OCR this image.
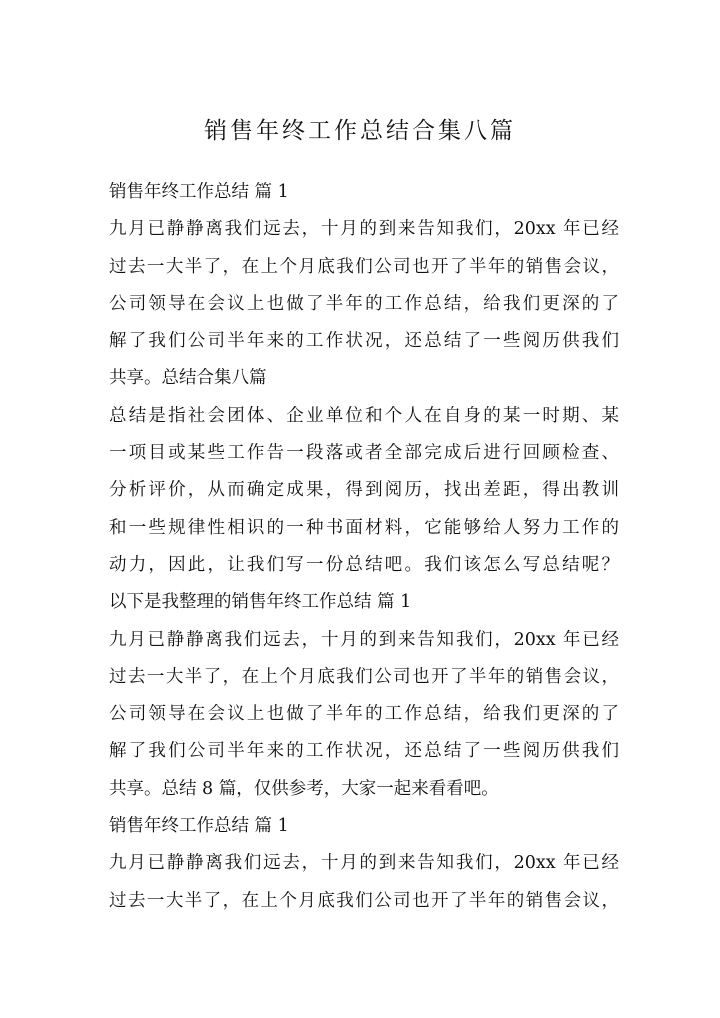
销售年终工作总结合集八篇
销售年终工作总结 篇 1
九月已静静离我们远去，十月的到来告知我们，20xx 年已经
过去一大半了，在上个月底我们公司也开了半年的销售会议，
公司领导在会议上也做了半年的工作总结，给我们更深的了
解了我们公司半年来的工作状况，还总结了一些阅历供我们
共享。总结合集八篇
总结是指社会团体、企业单位和个人在自身的某一时期、某
一项目或某些工作告一段落或者全部完成后进行回顾检查、
分析评价，从而确定成果，得到阅历，找出差距，得出教训
和一些规律性相识的一种书面材料，它能够给人努力工作的
动力，因此，让我们写一份总结吧。我们该怎么写总结呢？
以下是我整理的销售年终工作总结 篇 1
九月已静静离我们远去，十月的到来告知我们，20xx 年已经
过去一大半了，在上个月底我们公司也开了半年的销售会议，
公司领导在会议上也做了半年的工作总结，给我们更深的了
解了我们公司半年来的工作状况，还总结了一些阅历供我们
共享。总结 8 篇，仅供参考，大家一起来看看吧。
销售年终工作总结 篇 1
九月已静静离我们远去，十月的到来告知我们，20xx 年已经
过去一大半了，在上个月底我们公司也开了半年的销售会议，
